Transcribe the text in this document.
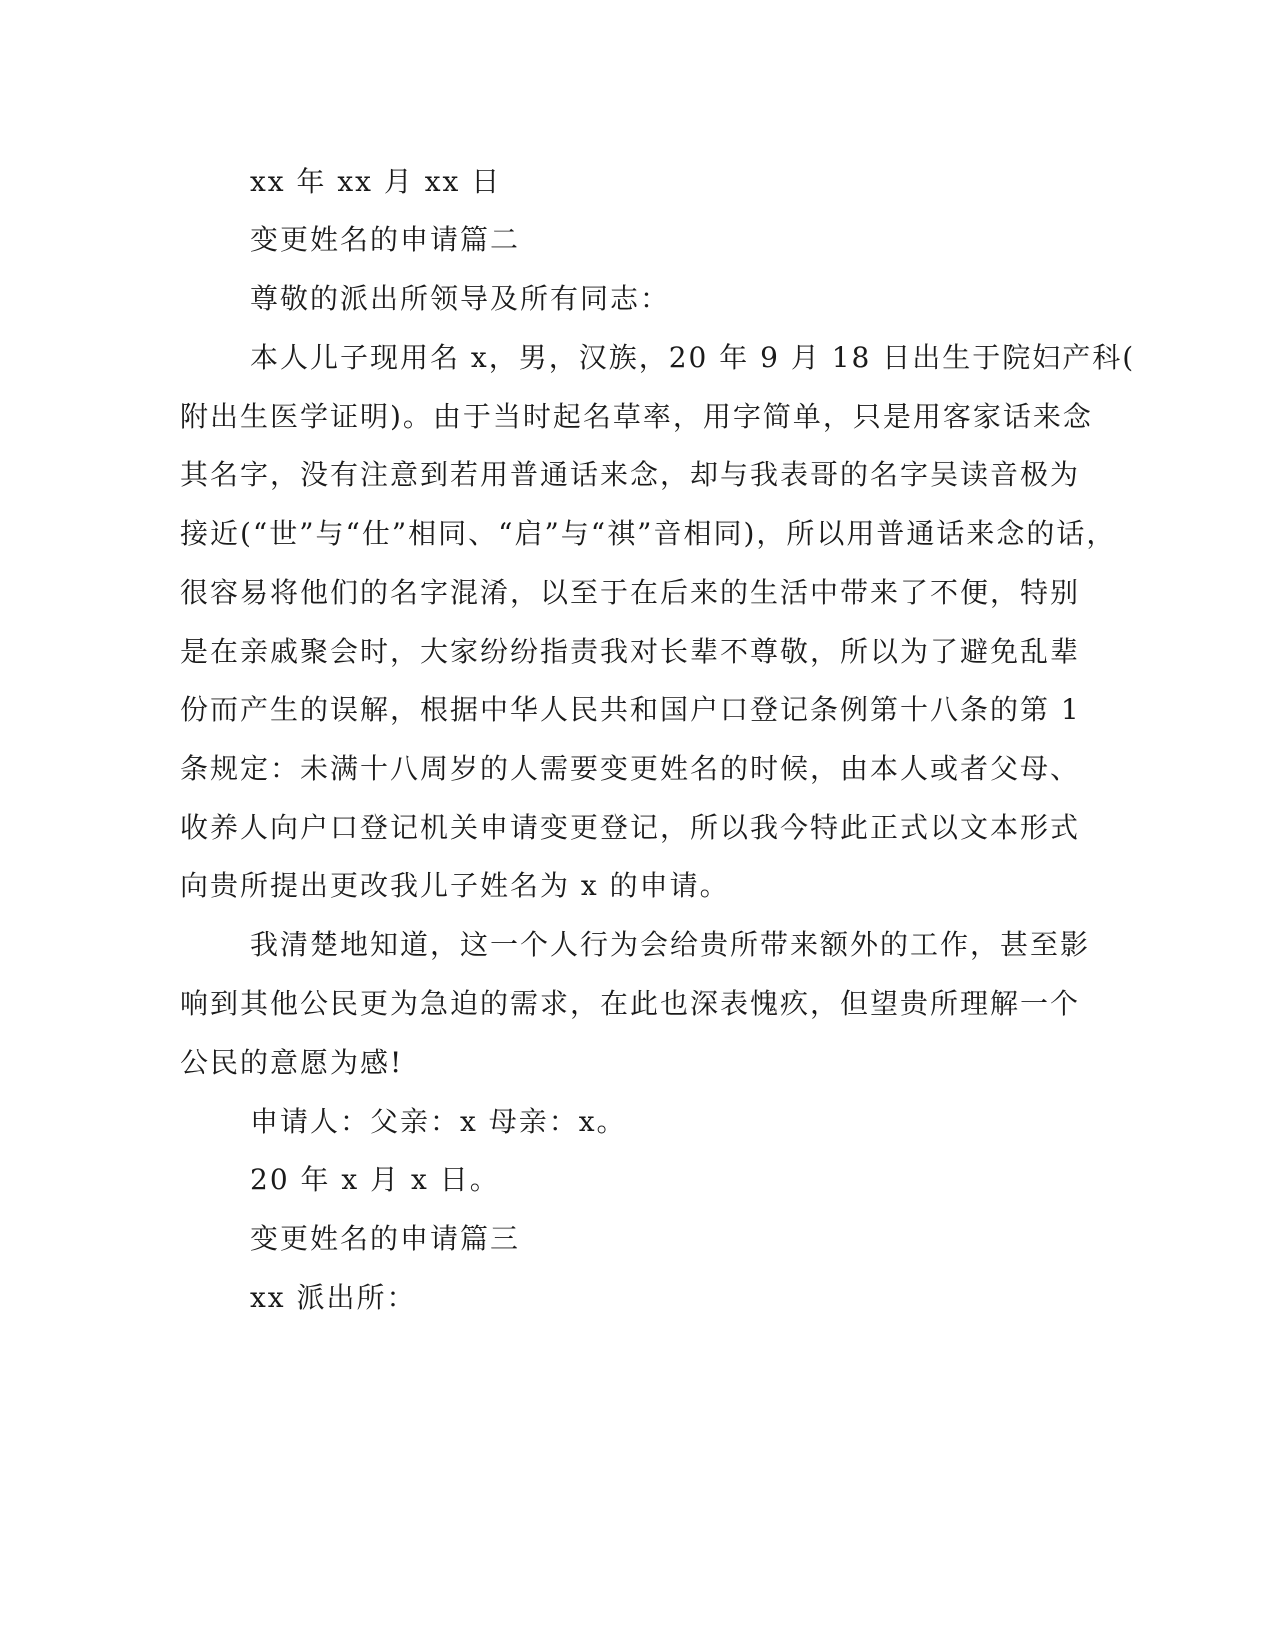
xx 年 xx 月 xx 日
变更姓名的申请篇二
尊敬的派出所领导及所有同志：
本人儿子现用名 x，男，汉族，20 年 9 月 18 日出生于院妇产科(
附出生医学证明)。由于当时起名草率，用字简单，只是用客家话来念
其名字，没有注意到若用普通话来念，却与我表哥的名字吴读音极为
接近(“世”与“仕”相同、“启”与“祺”音相同)，所以用普通话来念的话，
很容易将他们的名字混淆，以至于在后来的生活中带来了不便，特别
是在亲戚聚会时，大家纷纷指责我对长辈不尊敬，所以为了避免乱辈
份而产生的误解，根据中华人民共和国户口登记条例第十八条的第 1
条规定：未满十八周岁的人需要变更姓名的时候，由本人或者父母、
收养人向户口登记机关申请变更登记，所以我今特此正式以文本形式
向贵所提出更改我儿子姓名为 x 的申请。
我清楚地知道，这一个人行为会给贵所带来额外的工作，甚至影
响到其他公民更为急迫的需求，在此也深表愧疚，但望贵所理解一个
公民的意愿为感!
申请人：父亲：x 母亲：x。
20 年 x 月 x 日。
变更姓名的申请篇三
xx 派出所：
